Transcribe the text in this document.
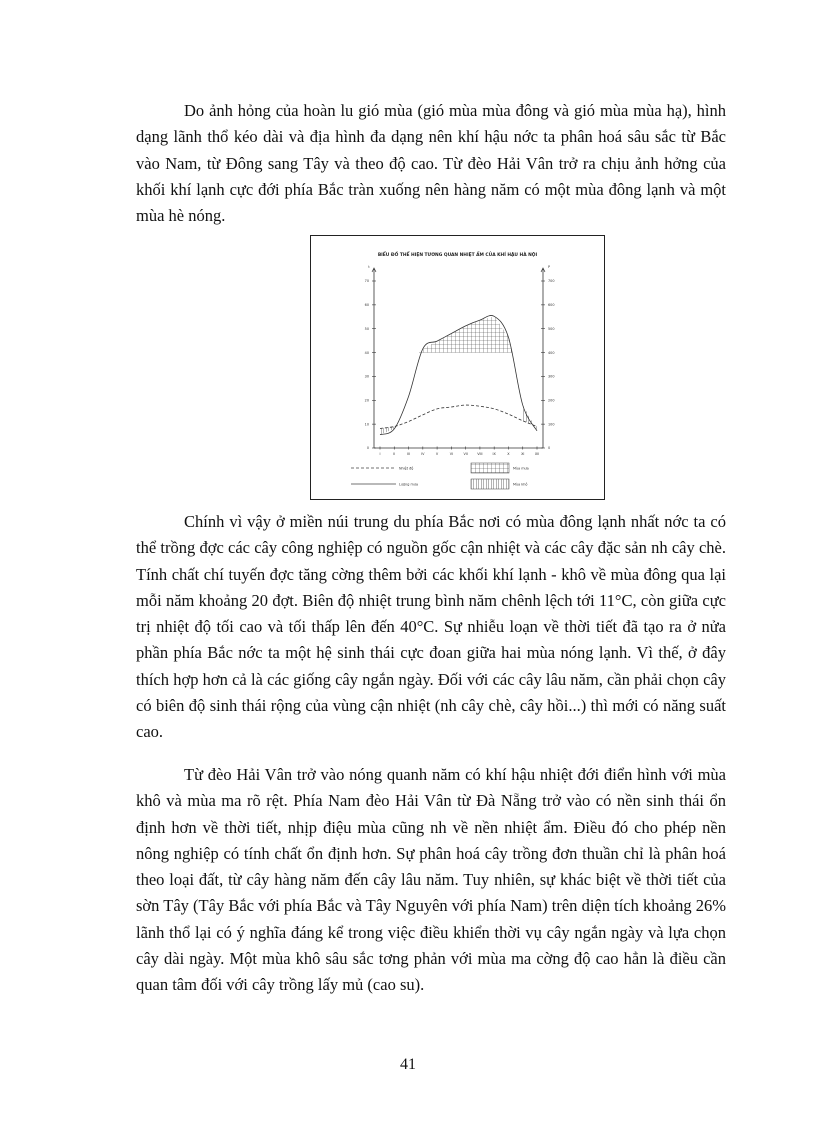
Do ảnh hỏng của hoàn lu gió mùa (gió mùa mùa đông và gió mùa mùa hạ), hình dạng lãnh thổ kéo dài và địa hình đa dạng nên khí hậu nớc ta phân hoá sâu sắc từ Bắc vào Nam, từ Đông sang Tây và theo độ cao. Từ đèo Hải Vân trở ra chịu ảnh hởng của khối khí lạnh cực đới phía Bắc tràn xuống nên hàng năm có một mùa đông lạnh và một mùa hè nóng.

BIỂU ĐỒ THỂ HIỆN TƯƠNG QUAN NHIỆT ẨM CỦA KHÍ HẬU HÀ NỘI
t	P
70
60
50
40
30
20
10
0
700
600
500
400
300
200
100
0
I	II	III	IV	V	VI	VII	VIII	IX	X	XI	XII
Nhiệt độ
Lượng mưa
Mùa mưa
Mùa khô

Chính vì vậy ở miền núi trung du phía Bắc nơi có mùa đông lạnh nhất nớc ta có thể trồng đợc các cây công nghiệp có nguồn gốc cận nhiệt và các cây đặc sản nh cây chè. Tính chất chí tuyến đợc tăng cờng thêm bởi các khối khí lạnh - khô về mùa đông qua lại mỗi năm khoảng 20 đợt. Biên độ nhiệt trung bình năm chênh lệch tới 11°C, còn giữa cực trị nhiệt độ tối cao và tối thấp lên đến 40°C. Sự nhiễu loạn về thời tiết đã tạo ra ở nửa phần phía Bắc nớc ta một hệ sinh thái cực đoan giữa hai mùa nóng lạnh. Vì thế, ở đây thích hợp hơn cả là các giống cây ngắn ngày. Đối với các cây lâu năm, cần phải chọn cây có biên độ sinh thái rộng của vùng cận nhiệt (nh cây chè, cây hồi...) thì mới có năng suất cao.

Từ đèo Hải Vân trở vào nóng quanh năm có khí hậu nhiệt đới điển hình với mùa khô và mùa ma rõ rệt. Phía Nam đèo Hải Vân từ Đà Nẵng trở vào có nền sinh thái ổn định hơn về thời tiết, nhịp điệu mùa cũng nh về nền nhiệt ẩm. Điều đó cho phép nền nông nghiệp có tính chất ổn định hơn. Sự phân hoá cây trồng đơn thuần chỉ là phân hoá theo loại đất, từ cây hàng năm đến cây lâu năm. Tuy nhiên, sự khác biệt về thời tiết của sờn Tây (Tây Bắc với phía Bắc và Tây Nguyên với phía Nam) trên diện tích khoảng 26% lãnh thổ lại có ý nghĩa đáng kể trong việc điều khiển thời vụ cây ngắn ngày và lựa chọn cây dài ngày. Một mùa khô sâu sắc tơng phản với mùa ma cờng độ cao hẳn là điều cần quan tâm đối với cây trồng lấy mủ (cao su).

41
